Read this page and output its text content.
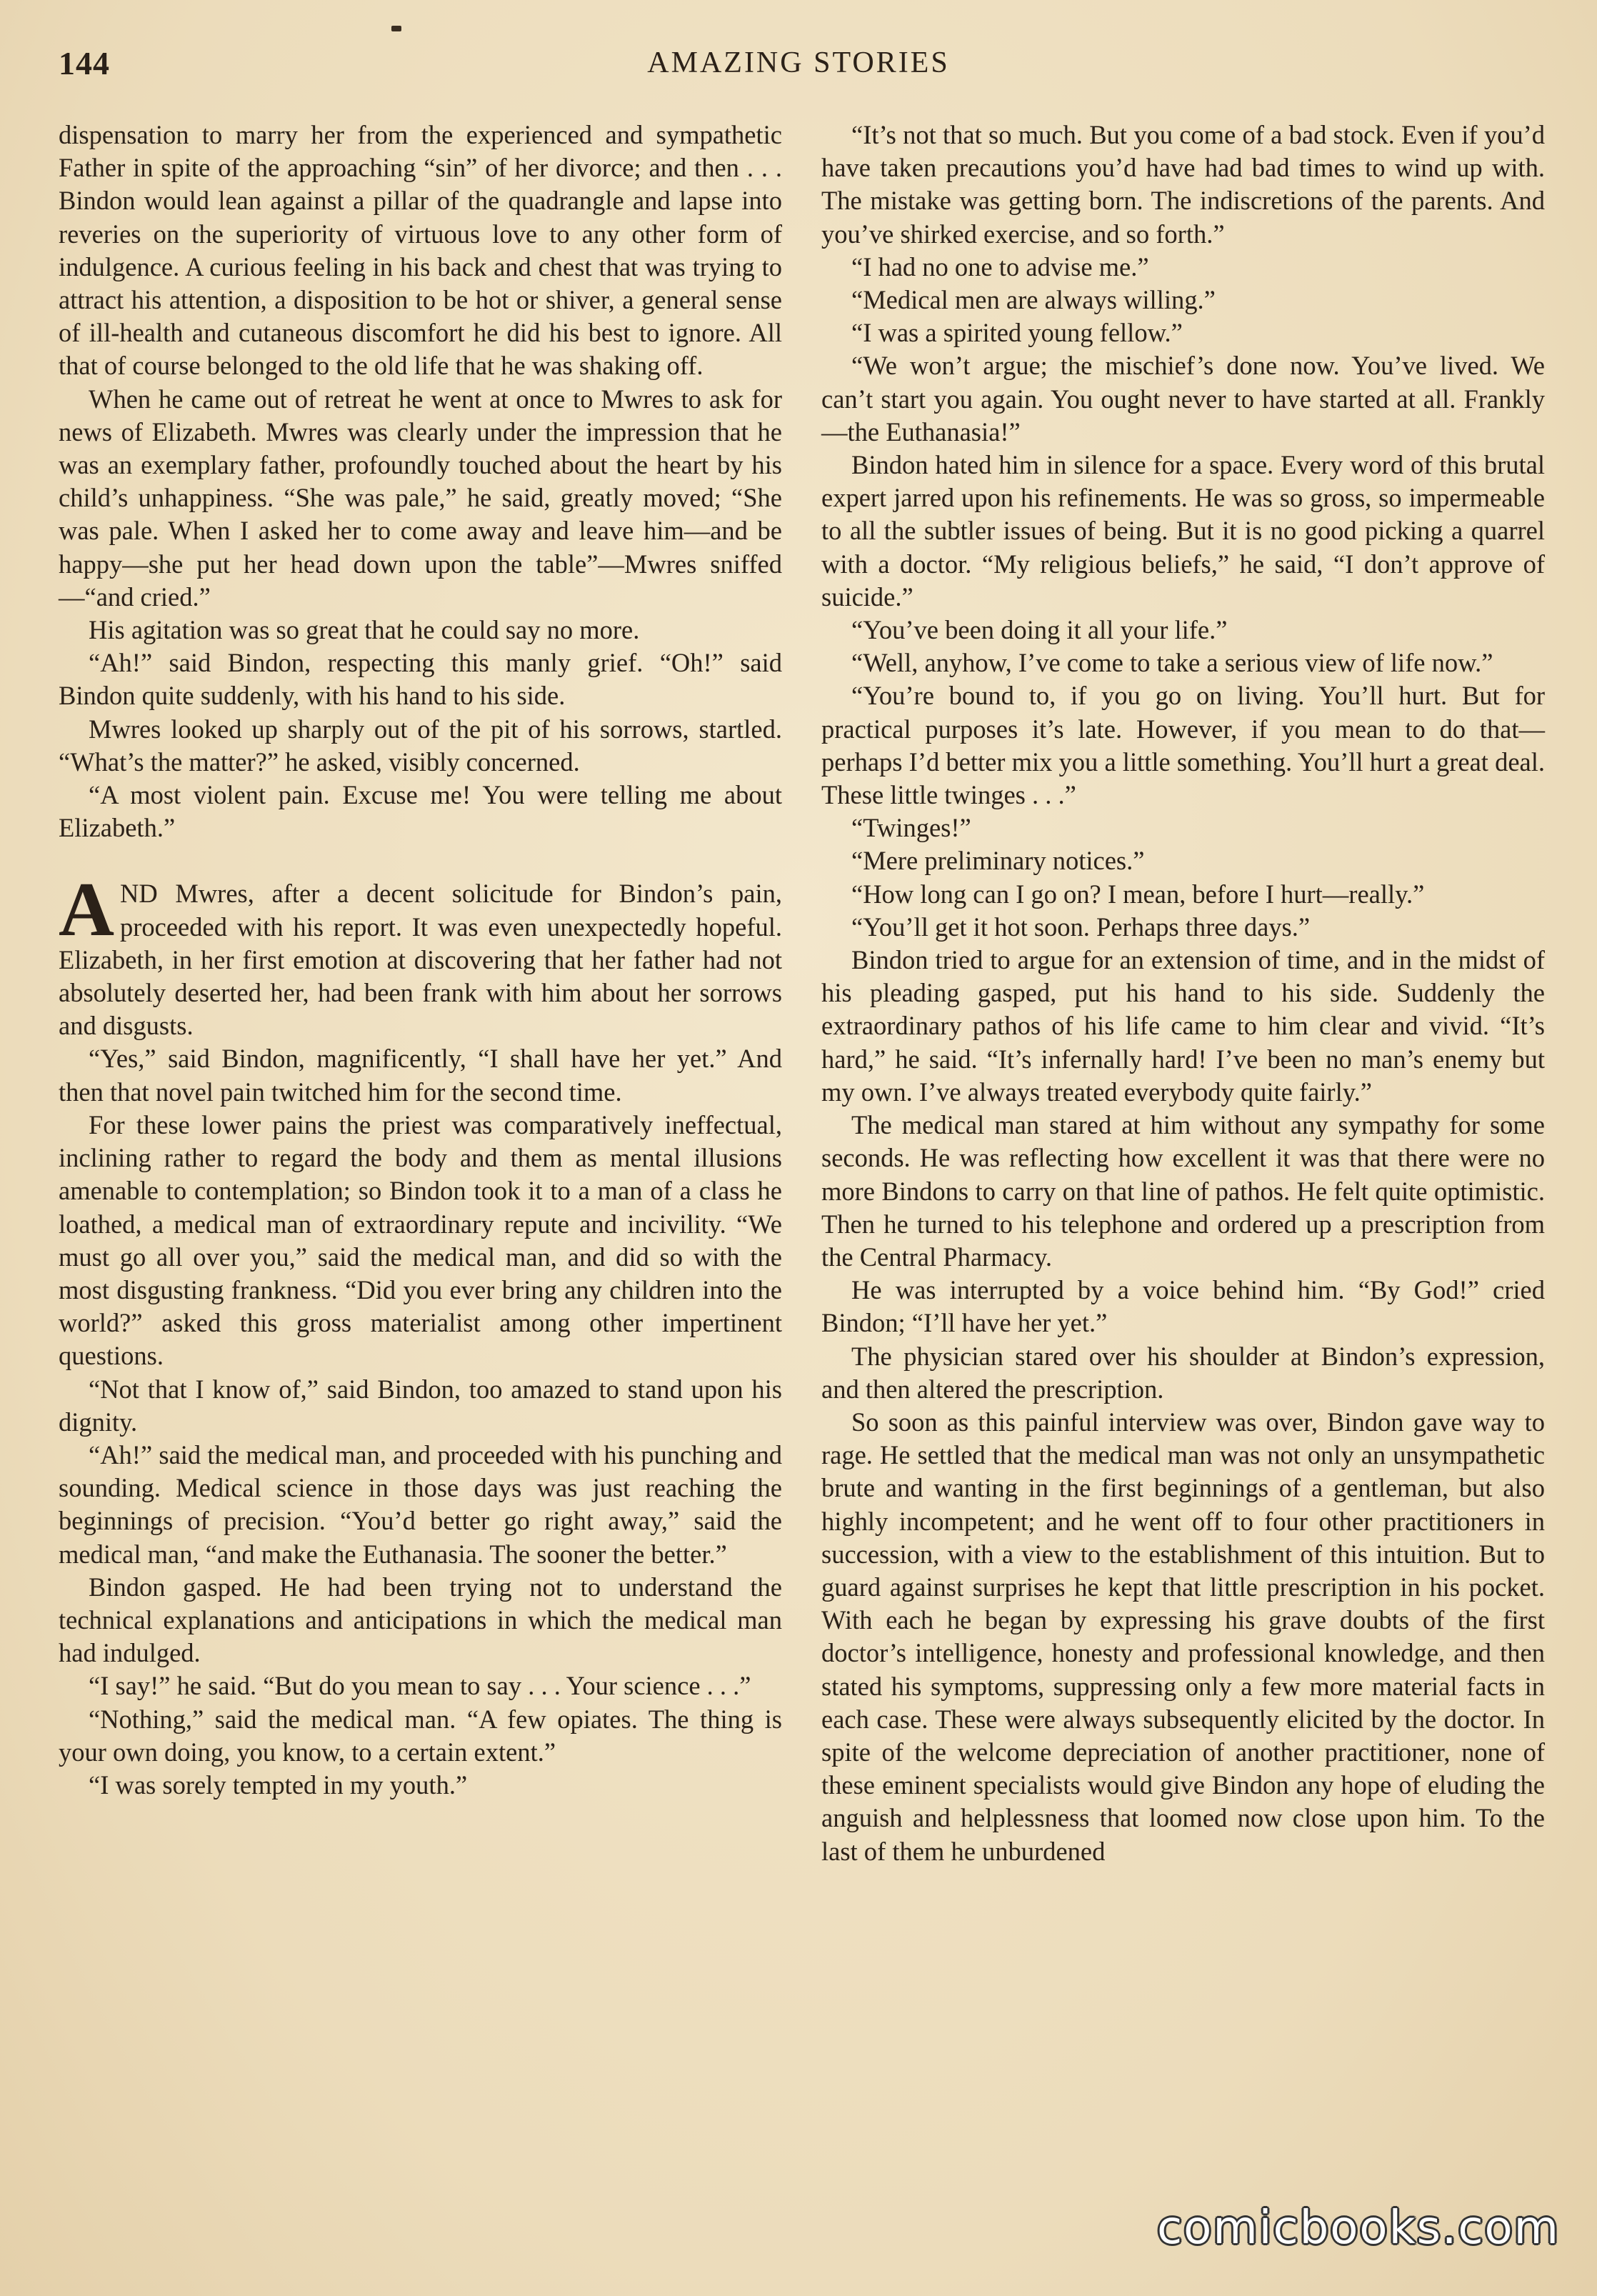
144	AMAZING STORIES

dispensation to marry her from the experienced and sympathetic Father in spite of the approaching “sin” of her divorce; and then . . . Bindon would lean against a pillar of the quadrangle and lapse into reveries on the superiority of virtuous love to any other form of indulgence. A curious feeling in his back and chest that was trying to attract his attention, a disposition to be hot or shiver, a general sense of ill-health and cutaneous discomfort he did his best to ignore. All that of course belonged to the old life that he was shaking off.

When he came out of retreat he went at once to Mwres to ask for news of Elizabeth. Mwres was clearly under the impression that he was an exemplary father, profoundly touched about the heart by his child’s unhappiness. “She was pale,” he said, greatly moved; “She was pale. When I asked her to come away and leave him—and be happy—she put her head down upon the table”—Mwres sniffed—“and cried.”

His agitation was so great that he could say no more.

“Ah!” said Bindon, respecting this manly grief. “Oh!” said Bindon quite suddenly, with his hand to his side.

Mwres looked up sharply out of the pit of his sorrows, startled. “What’s the matter?” he asked, visibly concerned.

“A most violent pain. Excuse me! You were telling me about Elizabeth.”

AND Mwres, after a decent solicitude for Bindon’s pain, proceeded with his report. It was even unexpectedly hopeful. Elizabeth, in her first emotion at discovering that her father had not absolutely deserted her, had been frank with him about her sorrows and disgusts.

“Yes,” said Bindon, magnificently, “I shall have her yet.” And then that novel pain twitched him for the second time.

For these lower pains the priest was comparatively ineffectual, inclining rather to regard the body and them as mental illusions amenable to contemplation; so Bindon took it to a man of a class he loathed, a medical man of extraordinary repute and incivility. “We must go all over you,” said the medical man, and did so with the most disgusting frankness. “Did you ever bring any children into the world?” asked this gross materialist among other impertinent questions.

“Not that I know of,” said Bindon, too amazed to stand upon his dignity.

“Ah!” said the medical man, and proceeded with his punching and sounding. Medical science in those days was just reaching the beginnings of precision. “You’d better go right away,” said the medical man, “and make the Euthanasia. The sooner the better.”

Bindon gasped. He had been trying not to understand the technical explanations and anticipations in which the medical man had indulged.

“I say!” he said. “But do you mean to say . . . Your science . . .”

“Nothing,” said the medical man. “A few opiates. The thing is your own doing, you know, to a certain extent.”

“I was sorely tempted in my youth.”

“It’s not that so much. But you come of a bad stock. Even if you’d have taken precautions you’d have had bad times to wind up with. The mistake was getting born. The indiscretions of the parents. And you’ve shirked exercise, and so forth.”

“I had no one to advise me.”

“Medical men are always willing.”

“I was a spirited young fellow.”

“We won’t argue; the mischief’s done now. You’ve lived. We can’t start you again. You ought never to have started at all. Frankly—the Euthanasia!”

Bindon hated him in silence for a space. Every word of this brutal expert jarred upon his refinements. He was so gross, so impermeable to all the subtler issues of being. But it is no good picking a quarrel with a doctor. “My religious beliefs,” he said, “I don’t approve of suicide.”

“You’ve been doing it all your life.”

“Well, anyhow, I’ve come to take a serious view of life now.”

“You’re bound to, if you go on living. You’ll hurt. But for practical purposes it’s late. However, if you mean to do that—perhaps I’d better mix you a little something. You’ll hurt a great deal. These little twinges . . .”

“Twinges!”

“Mere preliminary notices.”

“How long can I go on? I mean, before I hurt—really.”

“You’ll get it hot soon. Perhaps three days.”

Bindon tried to argue for an extension of time, and in the midst of his pleading gasped, put his hand to his side. Suddenly the extraordinary pathos of his life came to him clear and vivid. “It’s hard,” he said. “It’s infernally hard! I’ve been no man’s enemy but my own. I’ve always treated everybody quite fairly.”

The medical man stared at him without any sympathy for some seconds. He was reflecting how excellent it was that there were no more Bindons to carry on that line of pathos. He felt quite optimistic. Then he turned to his telephone and ordered up a prescription from the Central Pharmacy.

He was interrupted by a voice behind him. “By God!” cried Bindon; “I’ll have her yet.”

The physician stared over his shoulder at Bindon’s expression, and then altered the prescription.

So soon as this painful interview was over, Bindon gave way to rage. He settled that the medical man was not only an unsympathetic brute and wanting in the first beginnings of a gentleman, but also highly incompetent; and he went off to four other practitioners in succession, with a view to the establishment of this intuition. But to guard against surprises he kept that little prescription in his pocket. With each he began by expressing his grave doubts of the first doctor’s intelligence, honesty and professional knowledge, and then stated his symptoms, suppressing only a few more material facts in each case. These were always subsequently elicited by the doctor. In spite of the welcome depreciation of another practitioner, none of these eminent specialists would give Bindon any hope of eluding the anguish and helplessness that loomed now close upon him. To the last of them he unburdened

comicbooks.com
